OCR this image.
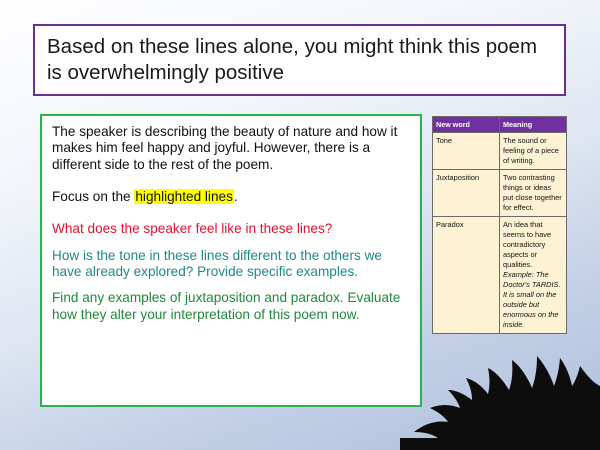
Based on these lines alone, you might think this poem is overwhelmingly positive

The speaker is describing the beauty of nature and how it makes him feel happy and joyful. However, there is a different side to the rest of the poem.

Focus on the highlighted lines.

What does the speaker feel like in these lines?

How is the tone in these lines different to the others we have already explored? Provide specific examples.

Find any examples of juxtaposition and paradox. Evaluate how they alter your interpretation of this poem now.

New word	Meaning
Tone	The sound or feeling of a piece of writing.
Juxtaposition	Two contrasting things or ideas put close together for effect.
Paradox	An idea that seems to have contradictory aspects or qualities. Example: The Doctor's TARDIS. It is small on the outside but enormous on the inside.
